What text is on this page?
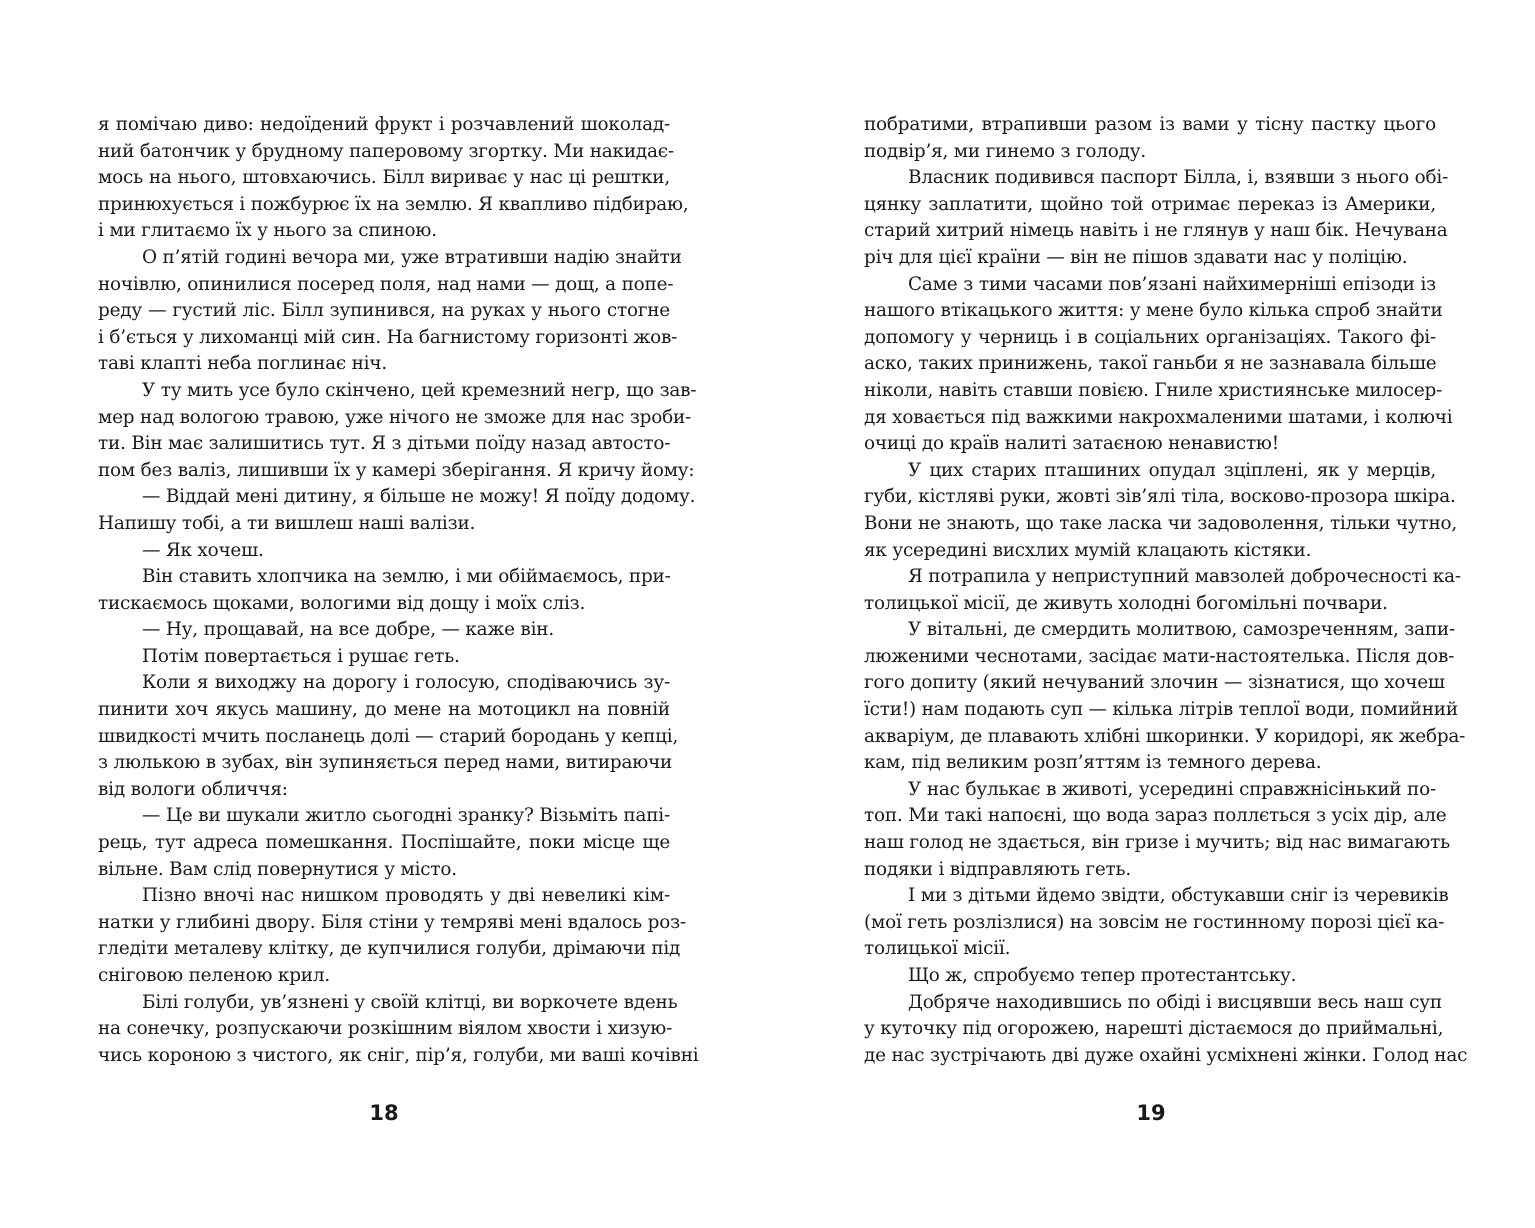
я помічаю диво: недоїдений фрукт і розчавлений шоколад-
ний батончик у брудному паперовому згортку. Ми накидає-
мось на нього, штовхаючись. Білл вириває у нас ці рештки,
принюхується і пожбурює їх на землю. Я квапливо підбираю,
і ми глитаємо їх у нього за спиною.
О п’ятій годині вечора ми, уже втративши надію знайти
ночівлю, опинилися посеред поля, над нами — дощ, а попе-
реду — густий ліс. Білл зупинився, на руках у нього стогне
і б’ється у лихоманці мій син. На багнистому горизонті жов-
таві клапті неба поглинає ніч.
У ту мить усе було скінчено, цей кремезний негр, що зав-
мер над вологою травою, уже нічого не зможе для нас зроби-
ти. Він має залишитись тут. Я з дітьми поїду назад автосто-
пом без валіз, лишивши їх у камері зберігання. Я кричу йому:
— Віддай мені дитину, я більше не можу! Я поїду додому.
Напишу тобі, а ти вишлеш наші валізи.
— Як хочеш.
Він ставить хлопчика на землю, і ми обіймаємось, при-
тискаємось щоками, вологими від дощу і моїх сліз.
— Ну, прощавай, на все добре, — каже він.
Потім повертається і рушає геть.
Коли я виходжу на дорогу і голосую, сподіваючись зу-
пинити хоч якусь машину, до мене на мотоцикл на повній
швидкості мчить посланець долі — старий бородань у кепці,
з люлькою в зубах, він зупиняється перед нами, витираючи
від вологи обличчя:
— Це ви шукали житло сьогодні зранку? Візьміть папі-
рець, тут адреса помешкання. Поспішайте, поки місце ще
вільне. Вам слід повернутися у місто.
Пізно вночі нас нишком проводять у дві невеликі кім-
натки у глибині двору. Біля стіни у темряві мені вдалось роз-
гледіти металеву клітку, де купчилися голуби, дрімаючи під
сніговою пеленою крил.
Білі голуби, ув’язнені у своїй клітці, ви воркочете вдень
на сонечку, розпускаючи розкішним віялом хвости і хизую-
чись короною з чистого, як сніг, пір’я, голуби, ми ваші кочівні
побратими, втрапивши разом із вами у тісну пастку цього
подвір’я, ми гинемо з голоду.
Власник подивився паспорт Білла, і, взявши з нього обі-
цянку заплатити, щойно той отримає переказ із Америки,
старий хитрий німець навіть і не глянув у наш бік. Нечувана
річ для цієї країни — він не пішов здавати нас у поліцію.
Саме з тими часами пов’язані найхимерніші епізоди із
нашого втікацького життя: у мене було кілька спроб знайти
допомогу у черниць і в соціальних організаціях. Такого фі-
аско, таких принижень, такої ганьби я не зазнавала більше
ніколи, навіть ставши повією. Гниле християнське милосер-
дя ховається під важкими накрохмаленими шатами, і колючі
очиці до країв налиті затаєною ненавистю!
У цих старих пташиних опудал зціплені, як у мерців,
губи, кістляві руки, жовті зів’ялі тіла, восково-прозора шкіра.
Вони не знають, що таке ласка чи задоволення, тільки чутно,
як усередині висхлих мумій клацають кістяки.
Я потрапила у неприступний мавзолей доброчесності ка-
толицької місії, де живуть холодні богомільні почвари.
У вітальні, де смердить молитвою, самозреченням, запи-
люженими чеснотами, засідає мати-настоятелька. Після дов-
гого допиту (який нечуваний злочин — зізнатися, що хочеш
їсти!) нам подають суп — кілька літрів теплої води, помийний
акваріум, де плавають хлібні шкоринки. У коридорі, як жебра-
кам, під великим розп’яттям із темного дерева.
У нас булькає в животі, усередині справжнісінький по-
топ. Ми такі напоєні, що вода зараз поллється з усіх дір, але
наш голод не здається, він гризе і мучить; від нас вимагають
подяки і відправляють геть.
І ми з дітьми йдемо звідти, обстукавши сніг із черевиків
(мої геть розлізлися) на зовсім не гостинному порозі цієї ка-
толицької місії.
Що ж, спробуємо тепер протестантську.
Добряче находившись по обіді і висцявши весь наш суп
у куточку під огорожею, нарешті дістаємося до приймальні,
де нас зустрічають дві дуже охайні усміхнені жінки. Голод нас
18	19
